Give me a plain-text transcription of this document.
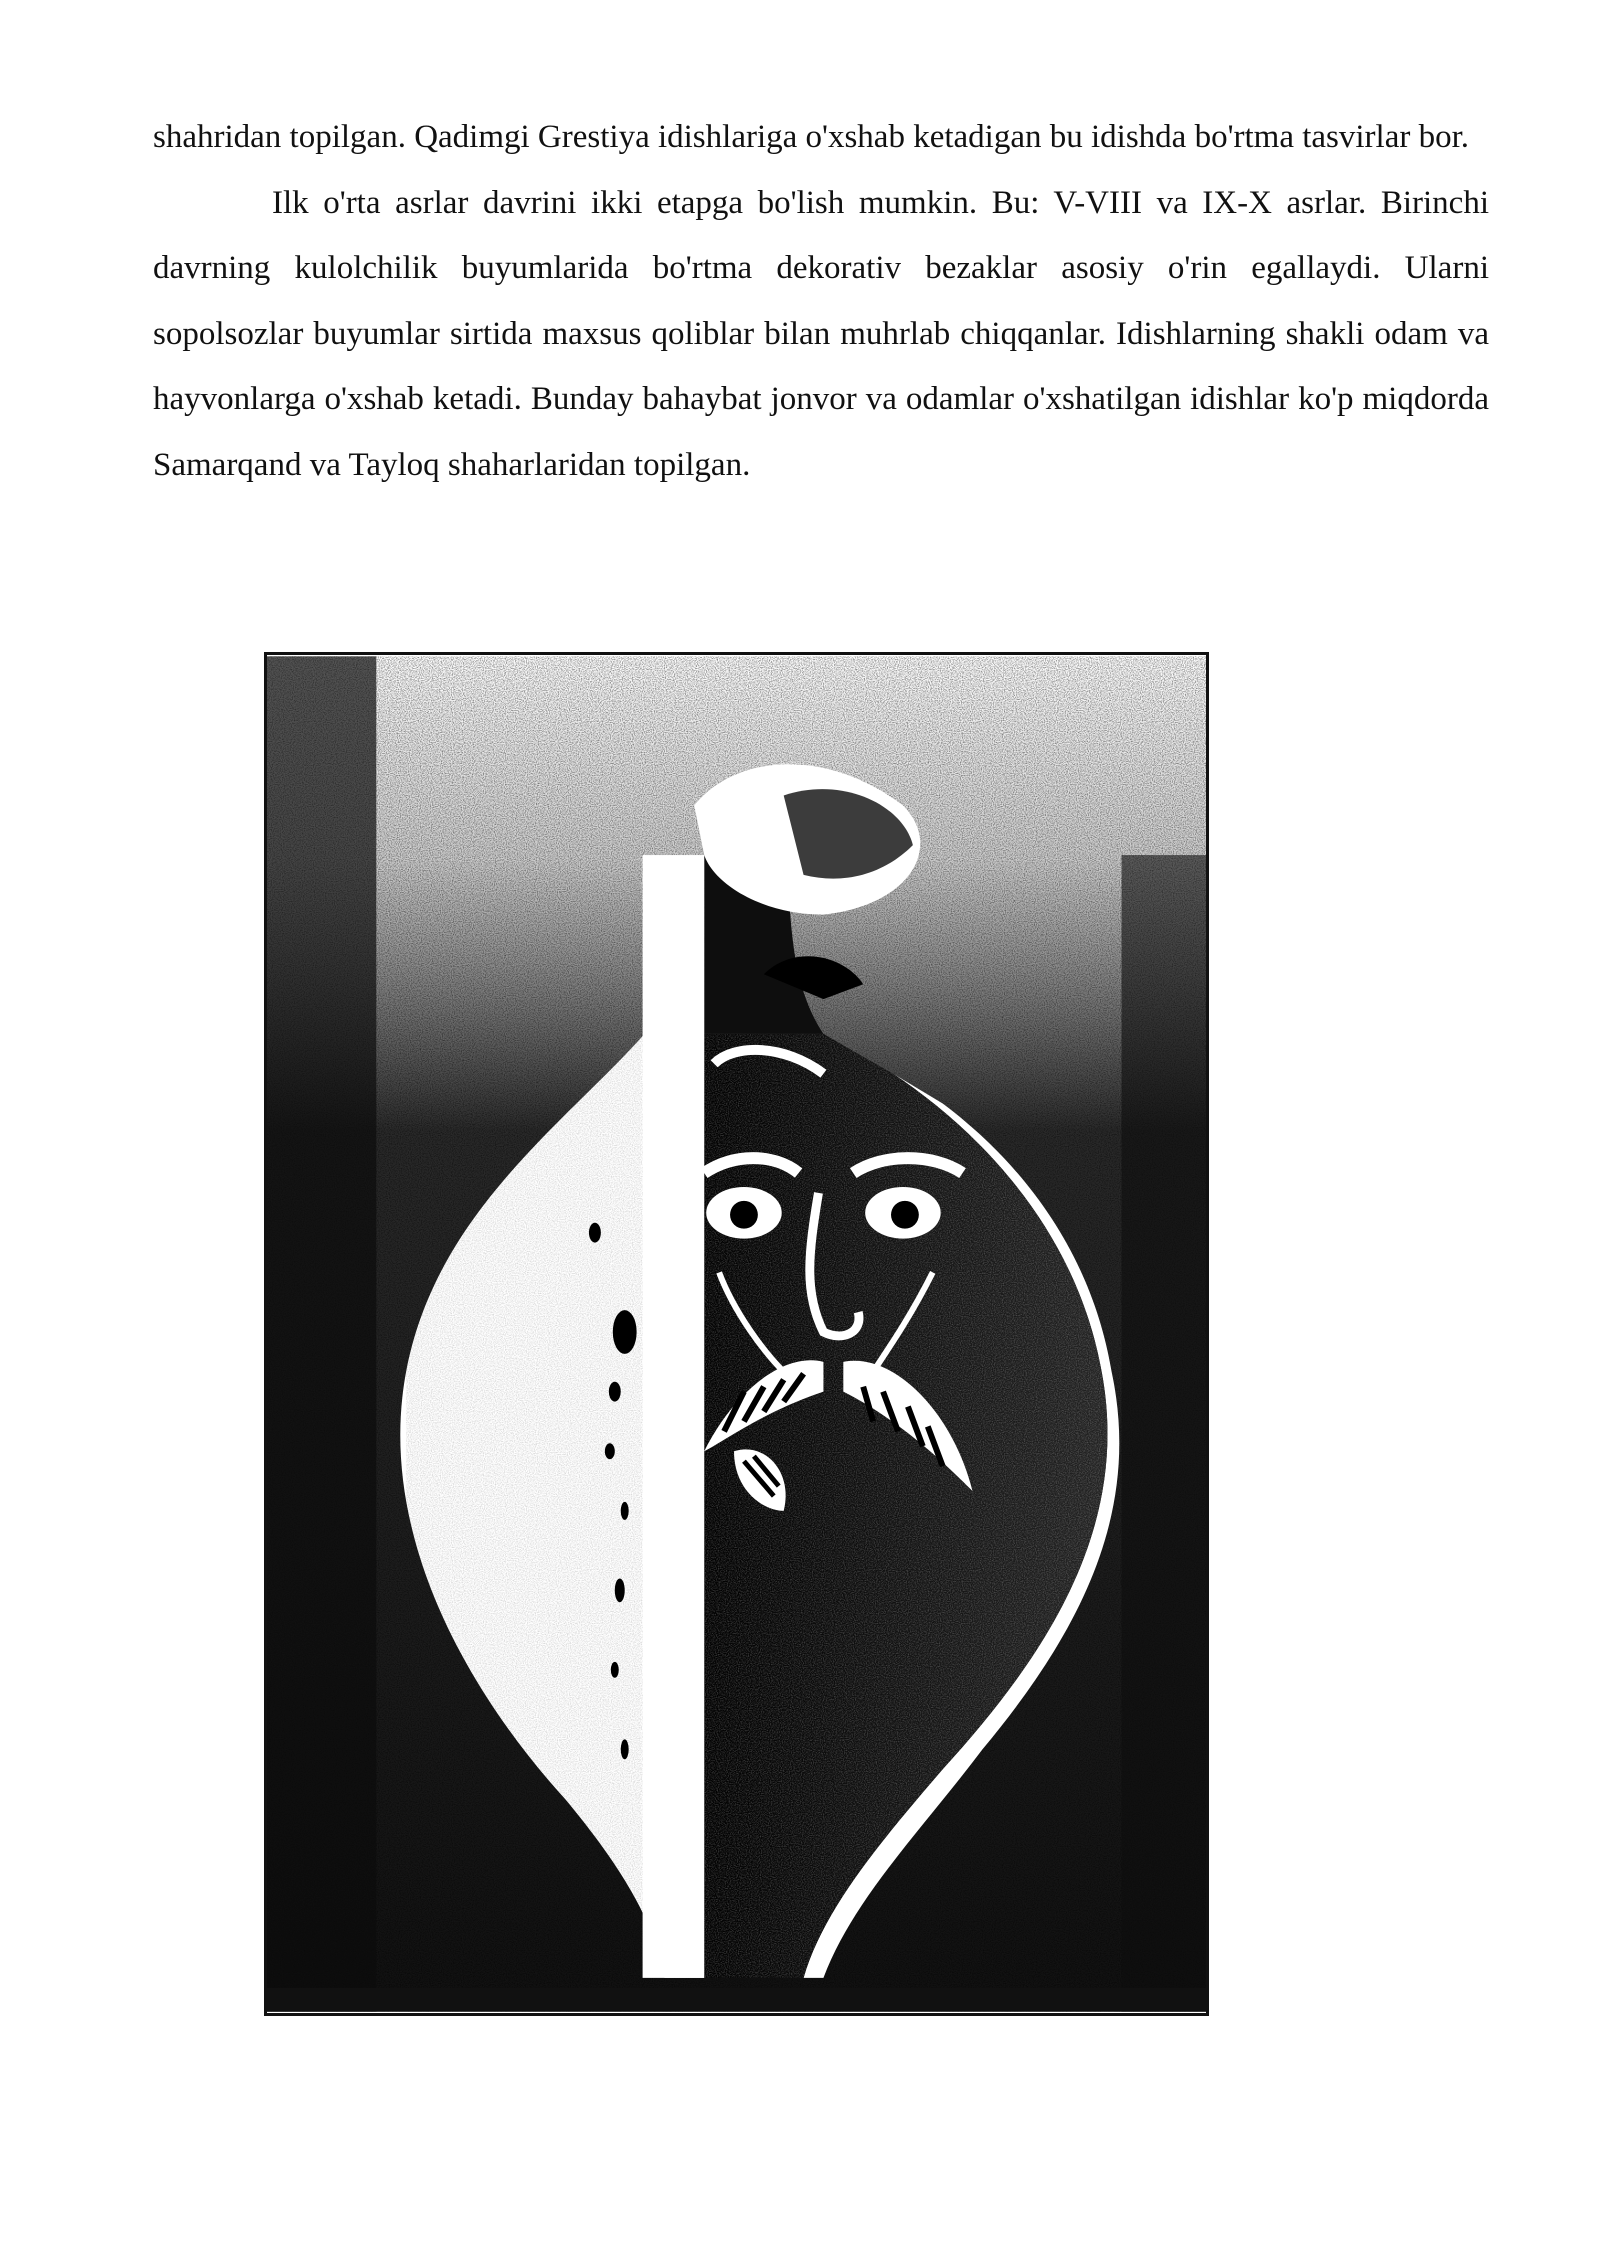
shahridan topilgan. Qadimgi Grestiya idishlariga o'xshab ketadigan bu idishda bo'rtma tasvirlar bor.

Ilk o'rta asrlar davrini ikki etapga bo'lish mumkin. Bu: V-VIII va IX-X asrlar. Birinchi davrning kulolchilik buyumlarida bo'rtma dekorativ bezaklar asosiy o'rin egallaydi. Ularni sopolsozlar buyumlar sirtida maxsus qoliblar bilan muhrlab chiqqanlar. Idishlarning shakli odam va hayvonlarga o'xshab ketadi. Bunday bahaybat jonvor va odamlar o'xshatilgan idishlar ko'p miqdorda Samarqand va Tayloq shaharlaridan topilgan.
